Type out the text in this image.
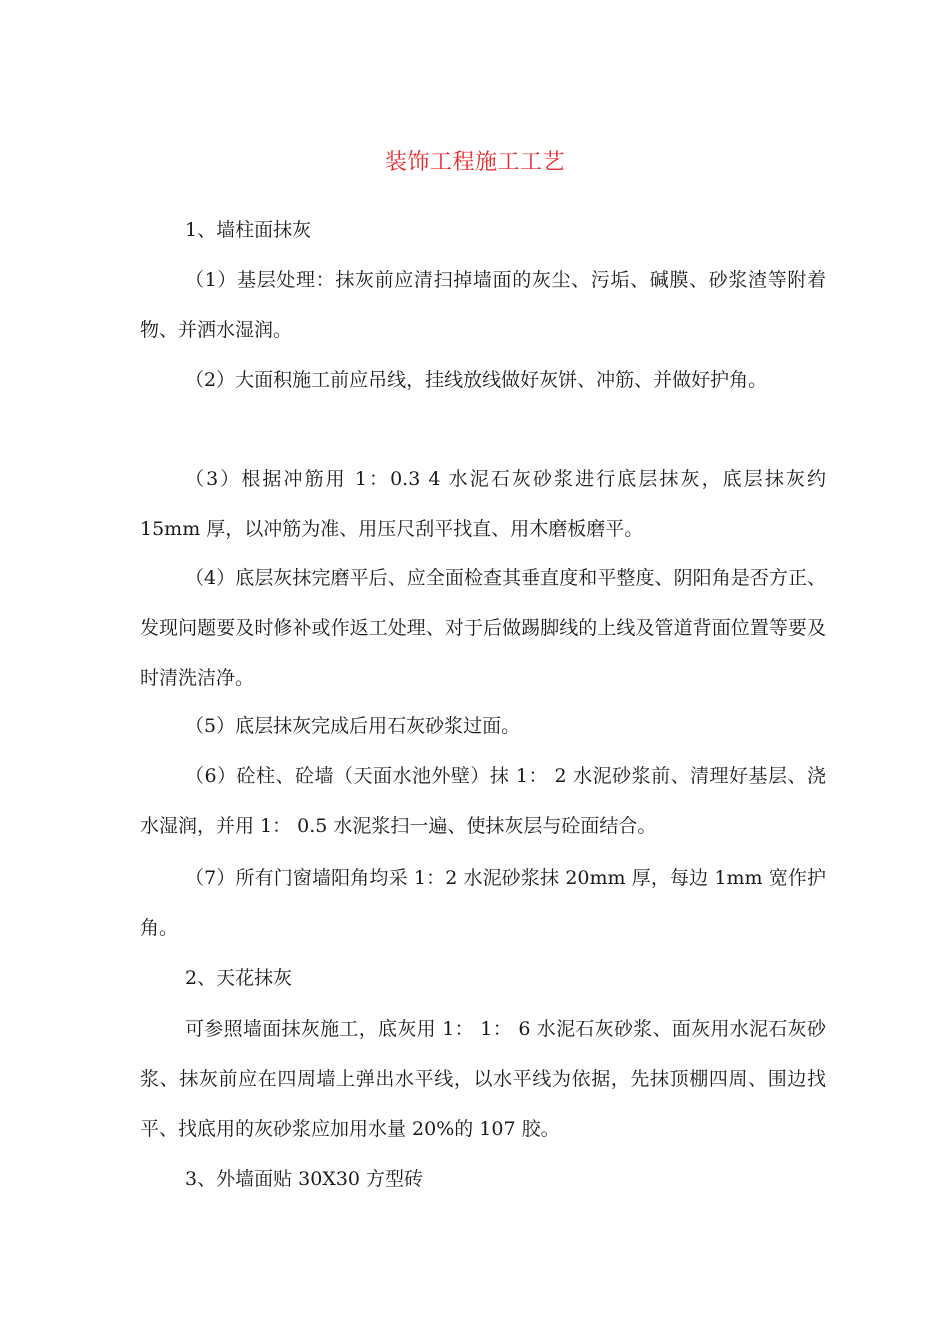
装饰工程施工工艺

1、墙柱面抹灰

（1）基层处理：抹灰前应清扫掉墙面的灰尘、污垢、碱膜、砂浆渣等附着物、并洒水湿润。

（2）大面积施工前应吊线，挂线放线做好灰饼、冲筋、并做好护角。

（3）根据冲筋用 1：0.3 4 水泥石灰砂浆进行底层抹灰，底层抹灰约 15mm 厚，以冲筋为准、用压尺刮平找直、用木磨板磨平。

（4）底层灰抹完磨平后、应全面检查其垂直度和平整度、阴阳角是否方正、发现问题要及时修补或作返工处理、对于后做踢脚线的上线及管道背面位置等要及时清洗洁净。

（5）底层抹灰完成后用石灰砂浆过面。

（6）砼柱、砼墙（天面水池外壁）抹 1： 2 水泥砂浆前、清理好基层、浇水湿润，并用 1： 0.5 水泥浆扫一遍、使抹灰层与砼面结合。

（7）所有门窗墙阳角均采 1：2 水泥砂浆抹 20mm 厚，每边 1mm 宽作护角。

2、天花抹灰

可参照墙面抹灰施工，底灰用 1： 1： 6 水泥石灰砂浆、面灰用水泥石灰砂浆、抹灰前应在四周墙上弹出水平线，以水平线为依据，先抹顶棚四周、围边找平、找底用的灰砂浆应加用水量 20%的 107 胶。

3、外墙面贴 30X30 方型砖
